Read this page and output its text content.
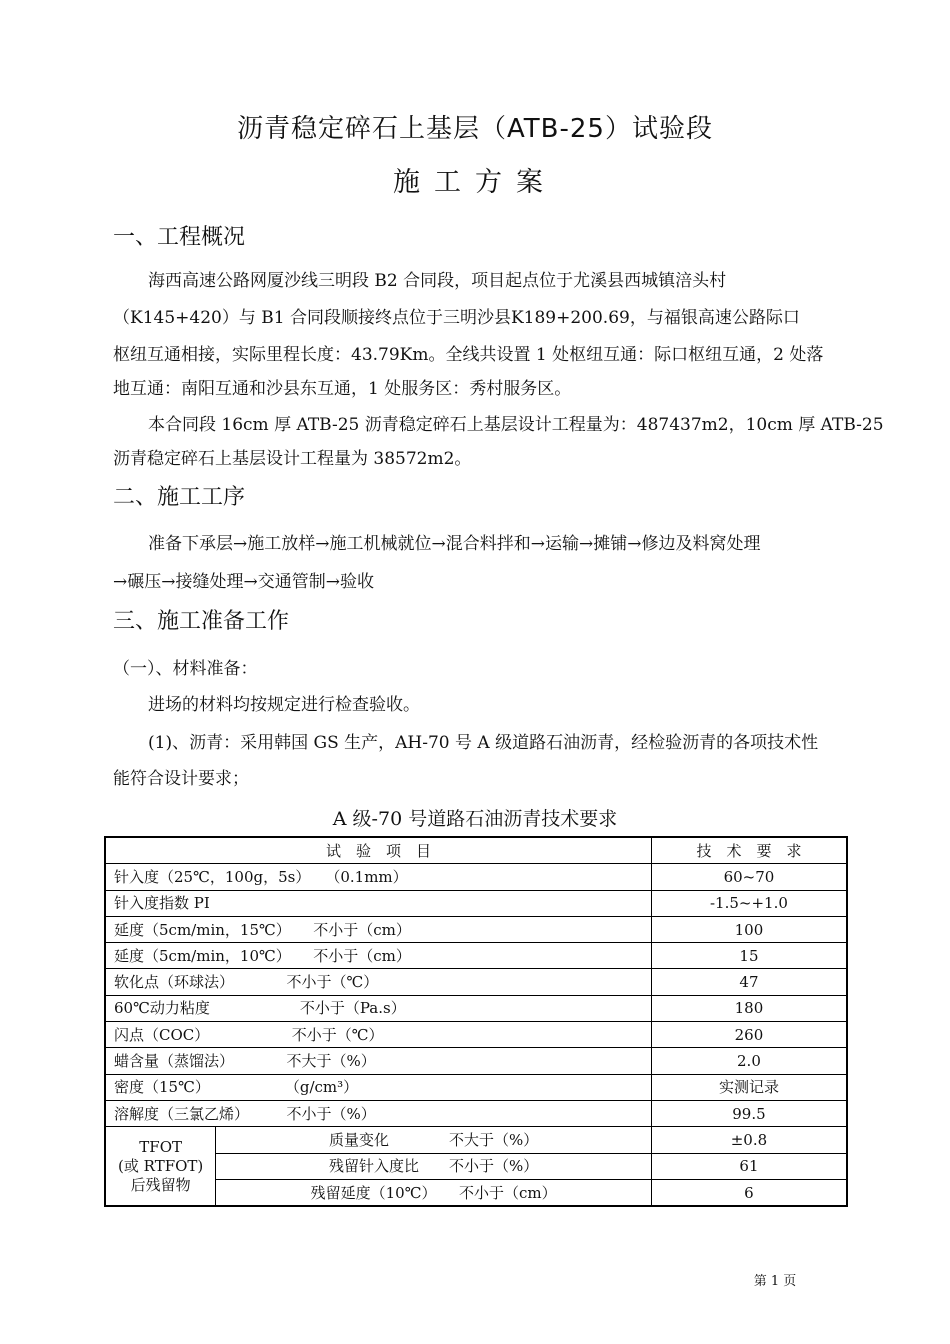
沥青稳定碎石上基层（ATB-25）试验段
施工方案
一、工程概况
海西高速公路网厦沙线三明段 B2 合同段，项目起点位于尤溪县西城镇涪头村
（K145+420）与 B1 合同段顺接终点位于三明沙县K189+200.69，与福银高速公路际口
枢纽互通相接，实际里程长度：43.79Km。全线共设置 1 处枢纽互通：际口枢纽互通，2 处落
地互通：南阳互通和沙县东互通，1 处服务区：秀村服务区。
本合同段 16cm 厚 ATB-25 沥青稳定碎石上基层设计工程量为：487437m2，10cm 厚 ATB-25
沥青稳定碎石上基层设计工程量为 38572m2。
二、施工工序
准备下承层→施工放样→施工机械就位→混合料拌和→运输→摊铺→修边及料窝处理
→碾压→接缝处理→交通管制→验收
三、施工准备工作
（一）、材料准备：
进场的材料均按规定进行检查验收。
(1)、沥青：采用韩国 GS 生产，AH-70 号 A 级道路石油沥青，经检验沥青的各项技术性
能符合设计要求；
A 级-70 号道路石油沥青技术要求
试　验　项　目		技　术　要　求
针入度（25℃，100g，5s）　　（0.1mm）		60~70
针入度指数 PI		-1.5~+1.0
延度（5cm/min，15℃）　　不小于（cm）		100
延度（5cm/min，10℃）　　不小于（cm）		15
软化点（环球法）　　　　不小于（℃）		47
60℃动力粘度　　　　　　不小于（Pa.s）		180
闪点（COC）　　　　　　不小于（℃）		260
蜡含量（蒸馏法）　　　　不大于（%）		2.0
密度（15℃）　　　　　　（g/cm³）		实测记录
溶解度（三氯乙烯）　　　不小于（%）		99.5

TFOT
(或 RTFOT)
后残留物	质量变化　　　　不大于（%）	±0.8
	残留针入度比　　不小于（%）	61
	残留延度（10℃）　　不小于（cm）	6
第 1 页
